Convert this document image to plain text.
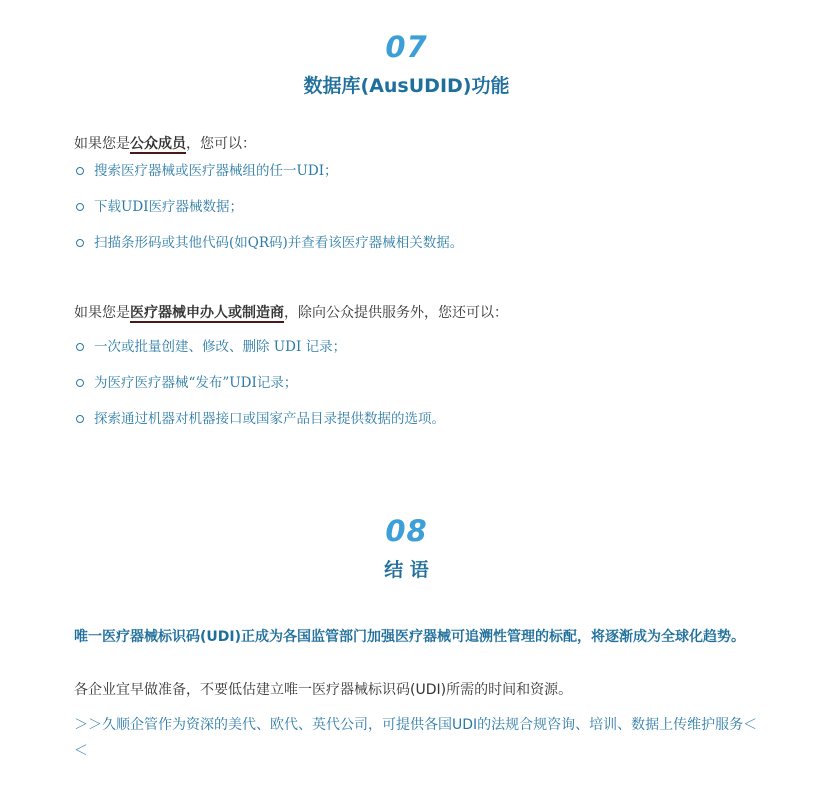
07
数据库(AusUDID)功能
如果您是公众成员，您可以：
搜索医疗器械或医疗器械组的任一UDI；
下载UDI医疗器械数据；
扫描条形码或其他代码(如QR码)并查看该医疗器械相关数据。
如果您是医疗器械申办人或制造商，除向公众提供服务外，您还可以：
一次或批量创建、修改、删除 UDI 记录；
为医疗医疗器械“发布”UDI记录；
探索通过机器对机器接口或国家产品目录提供数据的选项。
08
结 语
唯一医疗器械标识码(UDI)正成为各国监管部门加强医疗器械可追溯性管理的标配，将逐渐成为全球化趋势。
各企业宜早做准备，不要低估建立唯一医疗器械标识码(UDI)所需的时间和资源。
＞＞久顺企管作为资深的美代、欧代、英代公司，可提供各国UDI的法规合规咨询、培训、数据上传维护服务＜＜
